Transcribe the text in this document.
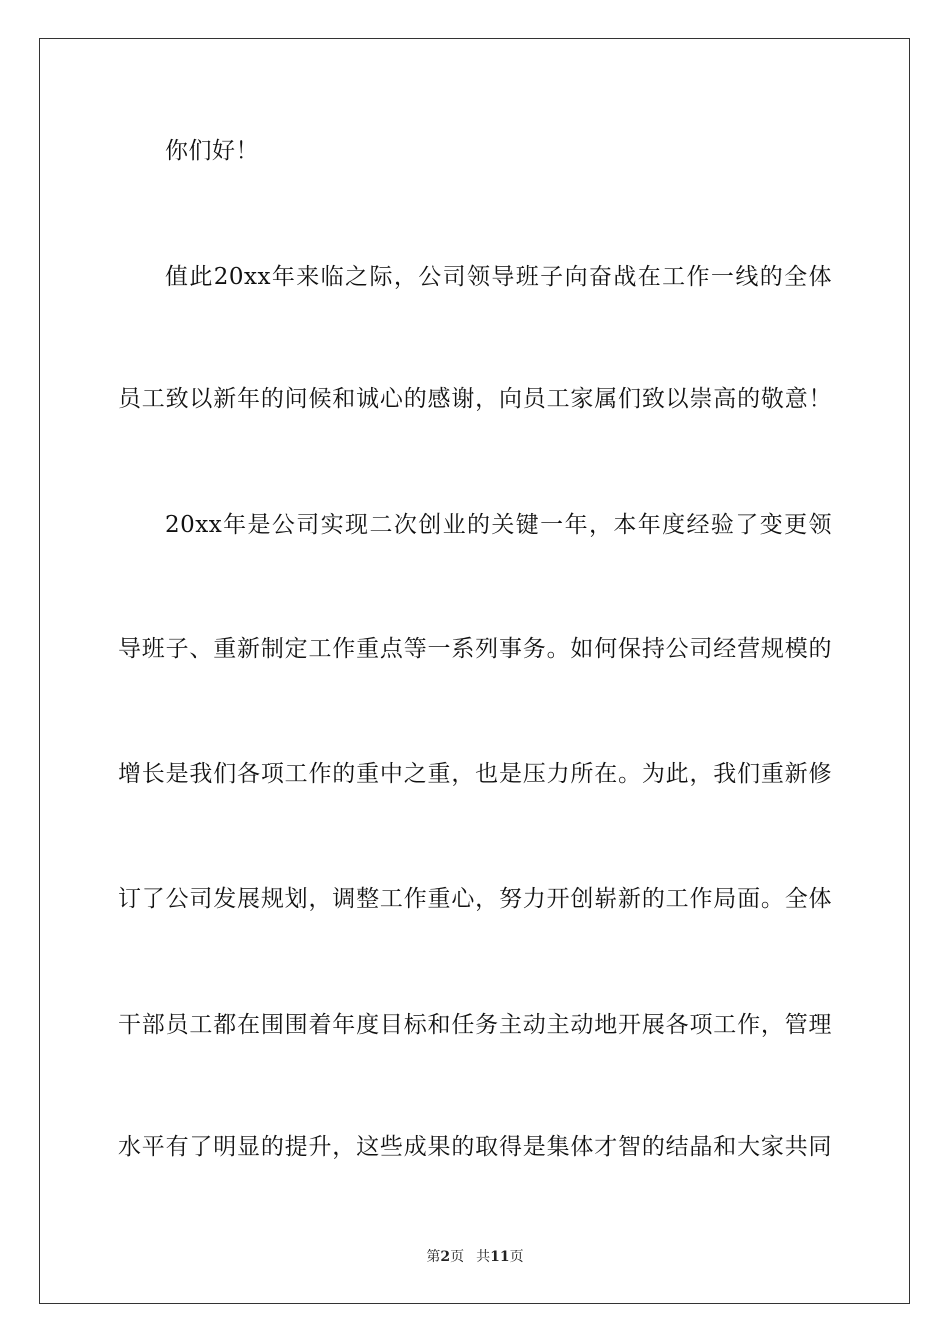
你们好！
值此20xx年来临之际，公司领导班子向奋战在工作一线的全体
员工致以新年的问候和诚心的感谢，向员工家属们致以崇高的敬意！
20xx年是公司实现二次创业的关键一年，本年度经验了变更领
导班子、重新制定工作重点等一系列事务。如何保持公司经营规模的
增长是我们各项工作的重中之重，也是压力所在。为此，我们重新修
订了公司发展规划，调整工作重心，努力开创崭新的工作局面。全体
干部员工都在围围着年度目标和任务主动主动地开展各项工作，管理
水平有了明显的提升，这些成果的取得是集体才智的结晶和大家共同
第2页 共11页
